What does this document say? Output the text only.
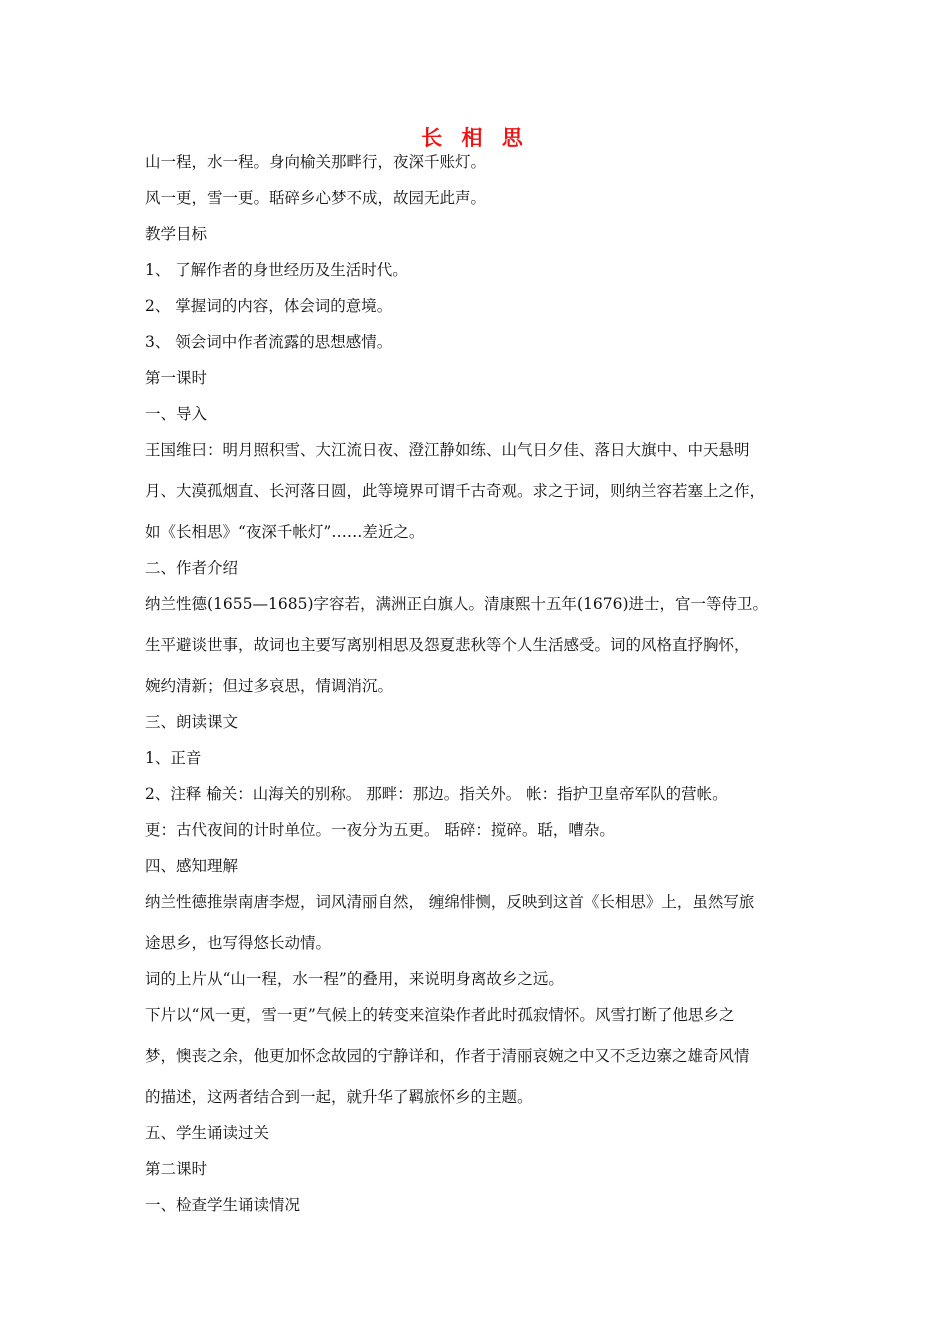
长 相 思
山一程，水一程。身向榆关那畔行，夜深千账灯。
风一更，雪一更。聒碎乡心梦不成，故园无此声。
教学目标
1、 了解作者的身世经历及生活时代。
2、 掌握词的内容，体会词的意境。
3、 领会词中作者流露的思想感情。
第一课时
一、导入
王国维曰：明月照积雪、大江流日夜、澄江静如练、山气日夕佳、落日大旗中、中天悬明
月、大漠孤烟直、长河落日圆，此等境界可谓千古奇观。求之于词，则纳兰容若塞上之作，
如《长相思》“夜深千帐灯”……差近之。
二、作者介绍
纳兰性德(1655—1685)字容若，满洲正白旗人。清康熙十五年(1676)进士，官一等侍卫。
生平避谈世事，故词也主要写离别相思及怨夏悲秋等个人生活感受。词的风格直抒胸怀，
婉约清新；但过多哀思，情调消沉。
三、朗读课文
1、正音
2、注释 榆关：山海关的别称。 那畔：那边。指关外。 帐：指护卫皇帝军队的营帐。
更：古代夜间的计时单位。一夜分为五更。 聒碎：搅碎。聒，嘈杂。
四、感知理解
纳兰性德推崇南唐李煜，词风清丽自然， 缠绵悱恻，反映到这首《长相思》上，虽然写旅
途思乡，也写得悠长动情。
词的上片从“山一程，水一程”的叠用，来说明身离故乡之远。
下片以“风一更，雪一更”气候上的转变来渲染作者此时孤寂情怀。风雪打断了他思乡之
梦，懊丧之余，他更加怀念故园的宁静详和，作者于清丽哀婉之中又不乏边寨之雄奇风情
的描述，这两者结合到一起，就升华了羁旅怀乡的主题。
五、学生诵读过关
第二课时
一、检查学生诵读情况
